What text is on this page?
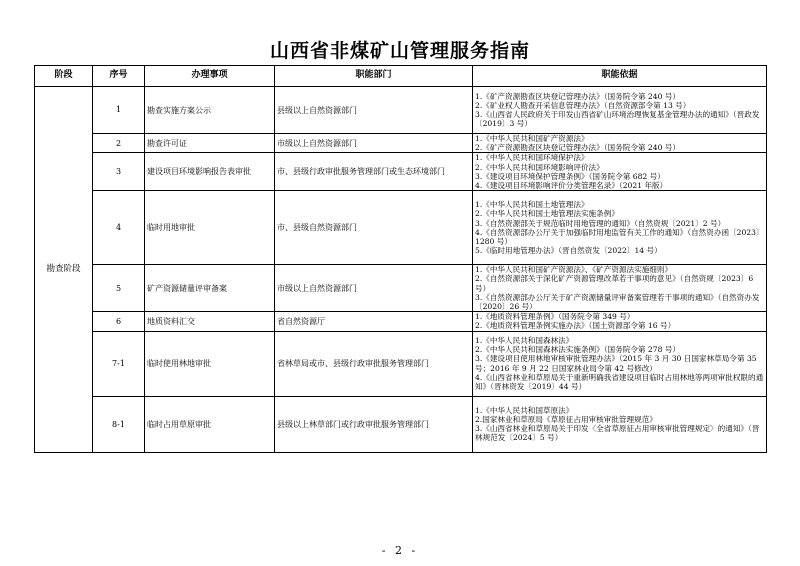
山西省非煤矿山管理服务指南
阶段	序号	办理事项	职能部门	职能依据
勘查阶段	1	勘查实施方案公示	县级以上自然资源部门	1.《矿产资源勘查区块登记管理办法》（国务院令第 240 号）
2.《矿业权人勘查开采信息管理办法》（自然资源部令第 13 号）
3.《山西省人民政府关于印发山西省矿山环境治理恢复基金管理办法的通知》（晋政发〔2019〕3 号）

	2	勘查许可证	市级以上自然资源部门	1.《中华人民共和国矿产资源法》
2.《矿产资源勘查区块登记管理办法》（国务院令第 240 号）

	3	建设项目环境影响报告表审批	市、县级行政审批服务管理部门或生态环境部门	1.《中华人民共和国环境保护法》
2.《中华人民共和国环境影响评价法》
3.《建设项目环境保护管理条例》（国务院令第 682 号）
4.《建设项目环境影响评价分类管理名录》（2021 年版）

	4	临时用地审批	市、县级自然资源部门	1.《中华人民共和国土地管理法》
2.《中华人民共和国土地管理法实施条例》
3.《自然资源部关于规范临时用地管理的通知》（自然资规〔2021〕2 号）
4.《自然资源部办公厅关于加强临时用地监管有关工作的通知》（自然资办函〔2023〕1280 号）
5.《临时用地管理办法》（晋自然资发〔2022〕14 号）

	5	矿产资源储量评审备案	市级以上自然资源部门	1.《中华人民共和国矿产资源法》、《矿产资源法实施细则》
2.《自然资源部关于深化矿产资源管理改革若干事项的意见》（自然资规〔2023〕6 号）
3.《自然资源部办公厅关于矿产资源储量评审备案管理若干事项的通知》（自然资办发〔2020〕26 号）

	6	地质资料汇交	省自然资源厅	1.《地质资料管理条例》（国务院令第 349 号）
2.《地质资料管理条例实施办法》（国土资源部令第 16 号）

	7-1	临时使用林地审批	省林草局或市、县级行政审批服务管理部门	1.《中华人民共和国森林法》
2.《中华人民共和国森林法实施条例》（国务院令第 278 号）
3.《建设项目使用林地审核审批管理办法》（2015 年 3 月 30 日国家林草局令第 35 号；2016 年 9 月 22 日国家林业局令第 42 号修改）
4.《山西省林业和草原局关于重新明确我省建设项目临时占用林地等两项审批权限的通知》（晋林资发〔2019〕44 号）

	8-1	临时占用草原审批	县级以上林草部门或行政审批服务管理部门	1.《中华人民共和国草原法》
2.国家林业和草原局《草原征占用审核审批管理规范》
3.《山西省林业和草原局关于印发〈全省草原征占用审核审批管理规定〉的通知》（晋林规范发〔2024〕5 号）
- 2 -
